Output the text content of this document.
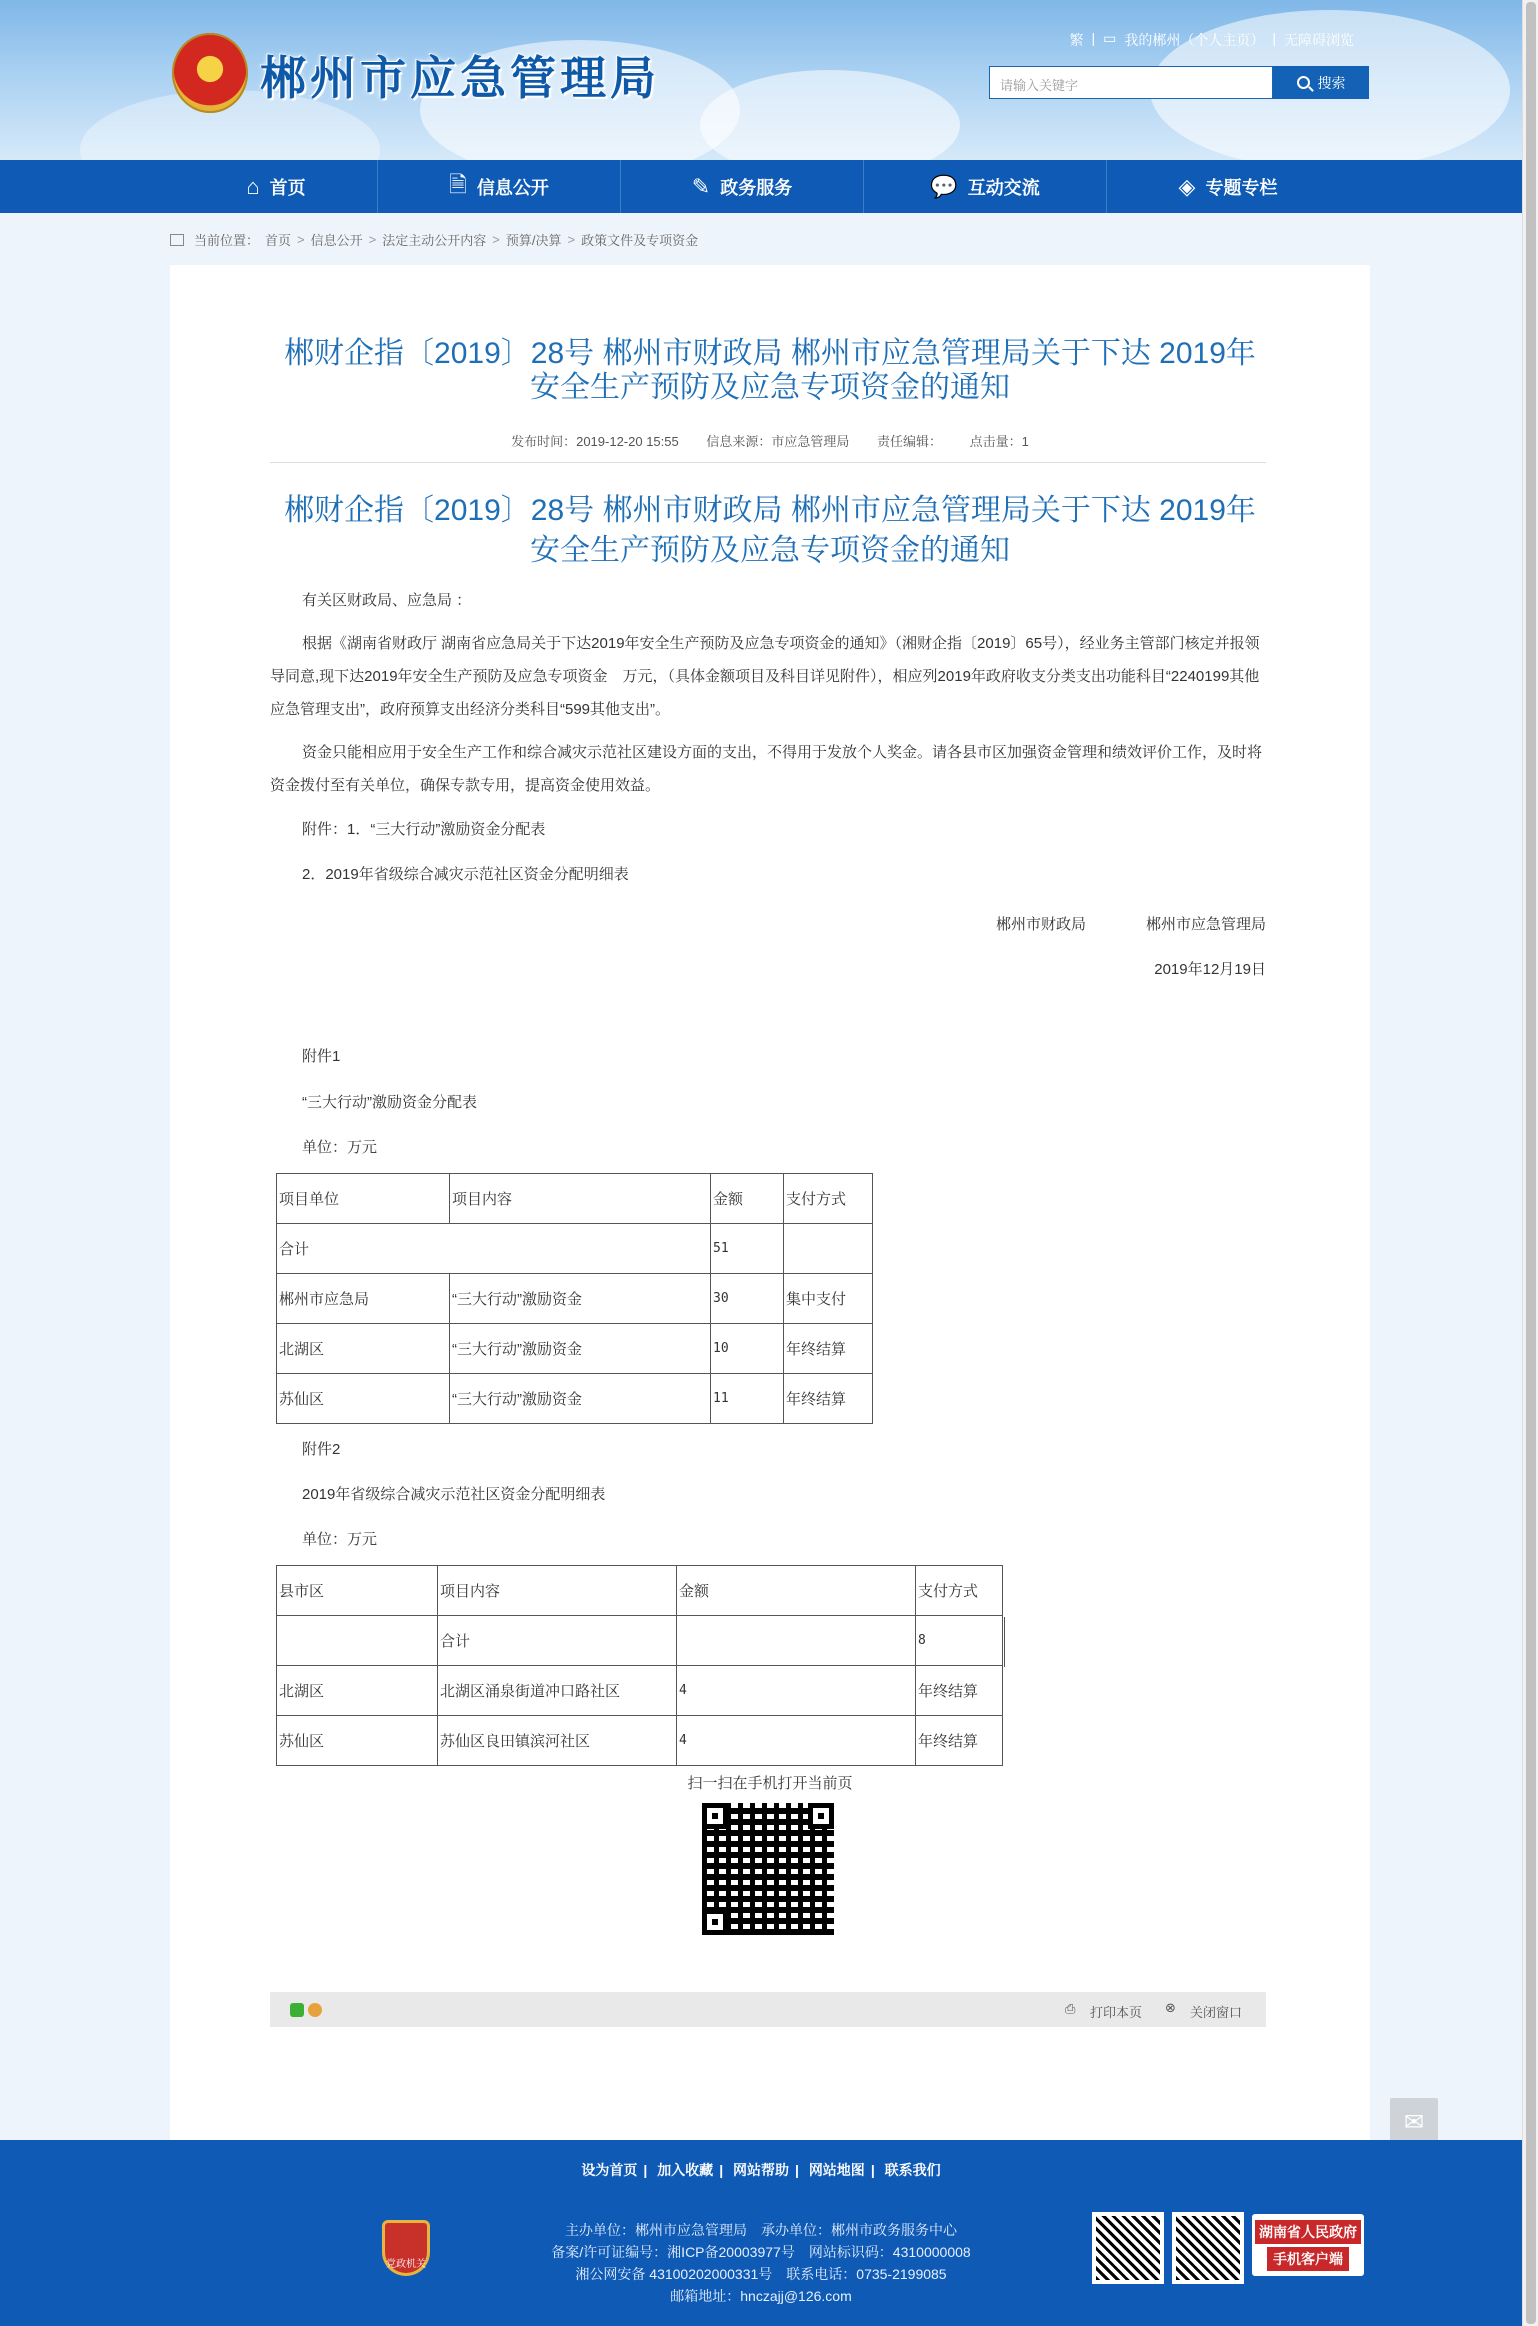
郴州市应急管理局
繁 | ▭ 我的郴州（个人主页） | 无障碍浏览
请输入关键字	搜索
⌂ 首页	🗎 信息公开	✎ 政务服务	💬 互动交流	◈ 专题专栏
当前位置： 首页 > 信息公开 > 法定主动公开内容 > 预算/决算 > 政策文件及专项资金
郴财企指〔2019〕28号 郴州市财政局 郴州市应急管理局关于下达 2019年
安全生产预防及应急专项资金的通知
发布时间：2019-12-20 15:55 信息来源：市应急管理局 责任编辑： 点击量：1
郴财企指〔2019〕28号 郴州市财政局 郴州市应急管理局关于下达 2019年
安全生产预防及应急专项资金的通知
有关区财政局、应急局 ：
根据《湖南省财政厅 湖南省应急局关于下达2019年安全生产预防及应急专项资金的通知》（湘财企指〔2019〕65号），经业务主管部门核定并报领导同意,现下达2019年安全生产预防及应急专项资金　万元，（具体金额项目及科目详见附件），相应列2019年政府收支分类支出功能科目“2240199其他应急管理支出”，政府预算支出经济分类科目“599其他支出”。
资金只能相应用于安全生产工作和综合减灾示范社区建设方面的支出，不得用于发放个人奖金。请各县市区加强资金管理和绩效评价工作，及时将资金拨付至有关单位，确保专款专用，提高资金使用效益。
附件：1．“三大行动”激励资金分配表
2．2019年省级综合减灾示范社区资金分配明细表
郴州市财政局　　　　郴州市应急管理局
2019年12月19日
附件1
“三大行动”激励资金分配表
单位：万元
项目单位	项目内容	金额	支付方式
合计		51	
郴州市应急局	“三大行动”激励资金	30	集中支付
北湖区	“三大行动”激励资金	10	年终结算
苏仙区	“三大行动”激励资金	11	年终结算
附件2
2019年省级综合减灾示范社区资金分配明细表
单位：万元
县市区	项目内容	金额	支付方式
	合计		8
北湖区	北湖区涌泉街道冲口路社区	4	年终结算
苏仙区	苏仙区良田镇滨河社区	4	年终结算
扫一扫在手机打开当前页
⎙ 打印本页 ⊗ 关闭窗口
✉
设为首页 | 加入收藏 | 网站帮助 | 网站地图 | 联系我们
党政机关
主办单位：郴州市应急管理局　承办单位：郴州市政务服务中心
备案/许可证编号：湘ICP备20003977号　网站标识码：4310000008
湘公网安备 43100202000331号　联系电话：0735-2199085
邮箱地址：hnczajj@126.com
湖南省人民政府
手机客户端
